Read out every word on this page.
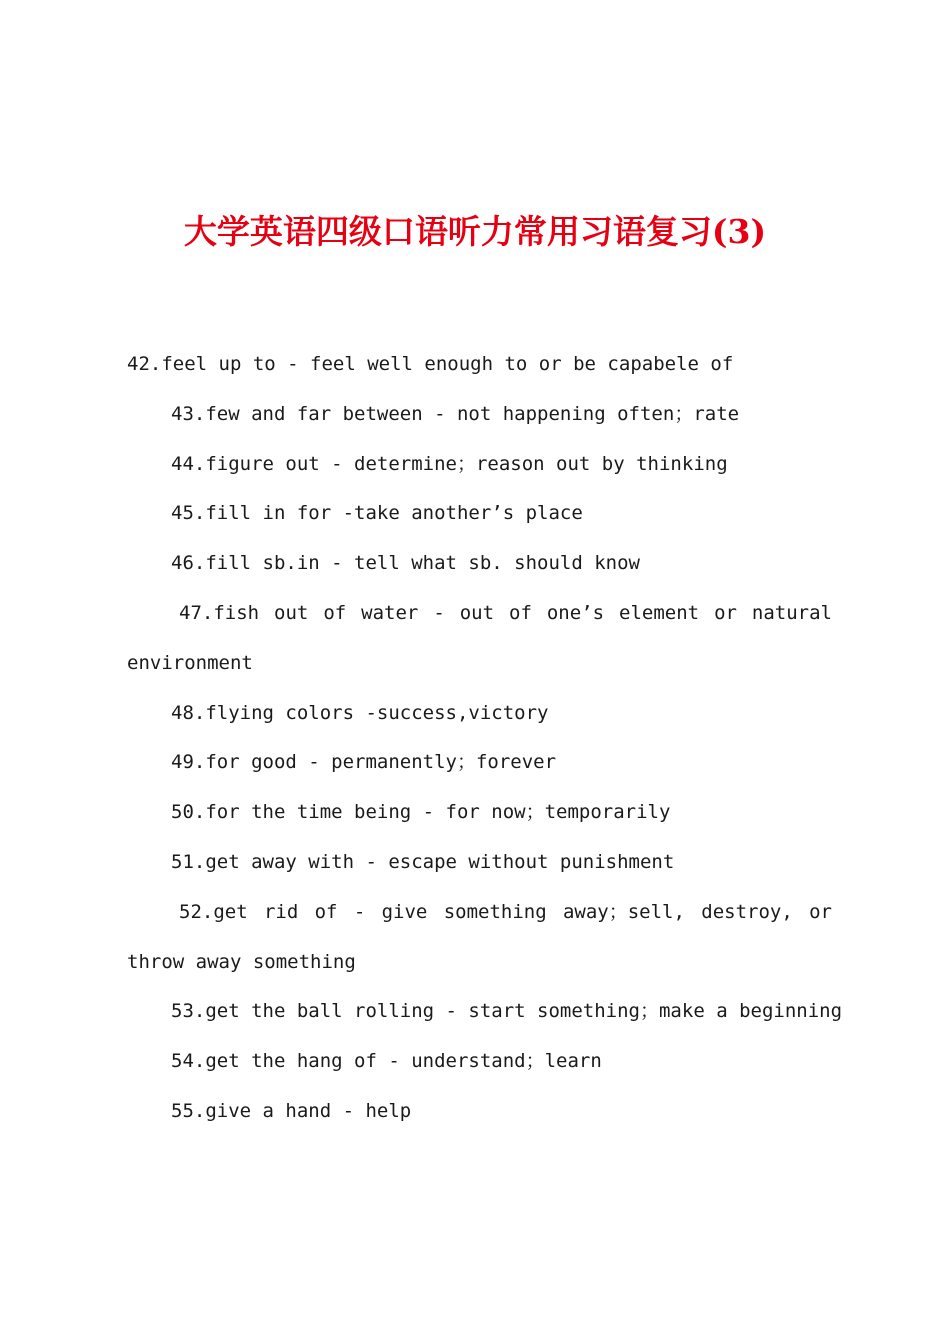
大学英语四级口语听力常用习语复习(3)

42.feel up to - feel well enough to or be capabele of

43.few and far between - not happening often；rate

44.figure out - determine；reason out by thinking

45.fill in for -take another’s place

46.fill sb.in - tell what sb. should know

47.fish out of water - out of one’s element or natural environment

48.flying colors -success,victory

49.for good - permanently；forever

50.for the time being - for now；temporarily

51.get away with - escape without punishment

52.get rid of - give something away；sell, destroy, or throw away something

53.get the ball rolling - start something；make a beginning

54.get the hang of - understand；learn

55.give a hand - help
